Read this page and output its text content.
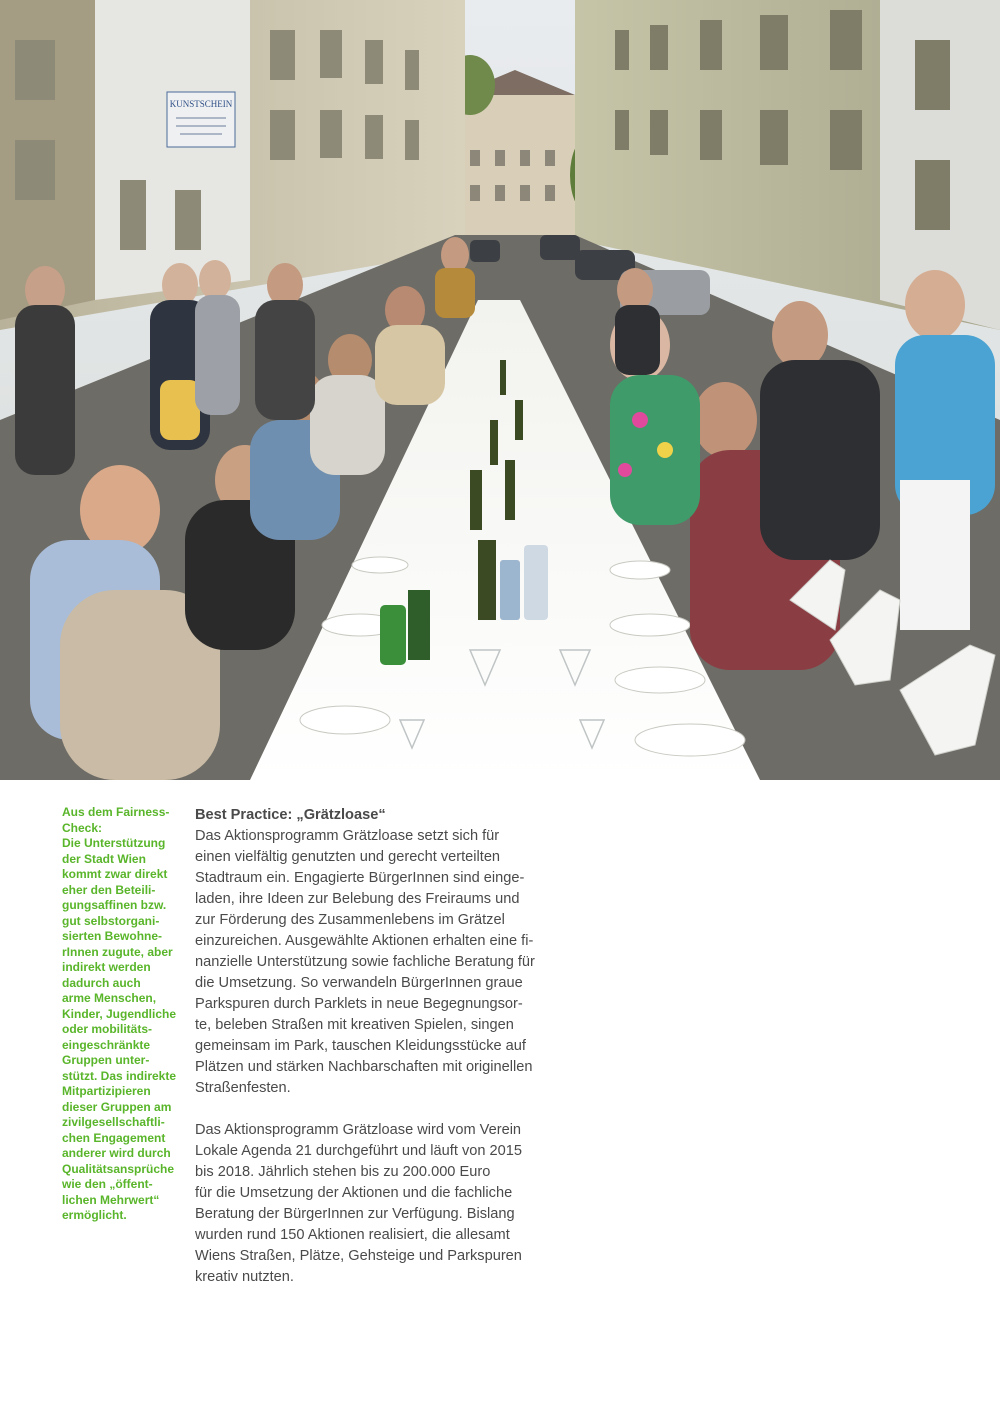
KUNSTSCHEIN
Aus dem Fairness-
Check:
Die Unterstützung
der Stadt Wien
kommt zwar direkt
eher den Beteili-
gungsaffinen bzw.
gut selbstorgani-
sierten Bewohne-
rInnen zugute, aber
indirekt werden
dadurch auch
arme Menschen,
Kinder, Jugendliche
oder mobilitäts-
eingeschränkte
Gruppen unter-
stützt. Das indirekte
Mitpartizipieren
dieser Gruppen am
zivilgesellschaftli-
chen Engagement
anderer wird durch
Qualitätsansprüche
wie den „öffent-
lichen Mehrwert“
ermöglicht.
Best Practice: „Grätzloase“
Das Aktionsprogramm Grätzloase setzt sich für
einen vielfältig genutzten und gerecht verteilten
Stadtraum ein. Engagierte BürgerInnen sind einge-
laden, ihre Ideen zur Belebung des Freiraums und
zur Förderung des Zusammenlebens im Grätzel
einzureichen. Ausgewählte Aktionen erhalten eine fi-
nanzielle Unterstützung sowie fachliche Beratung für
die Umsetzung. So verwandeln BürgerInnen graue
Parkspuren durch Parklets in neue Begegnungsor-
te, beleben Straßen mit kreativen Spielen, singen
gemeinsam im Park, tauschen Kleidungsstücke auf
Plätzen und stärken Nachbarschaften mit originellen
Straßenfesten.
Das Aktionsprogramm Grätzloase wird vom Verein
Lokale Agenda 21 durchgeführt und läuft von 2015
bis 2018. Jährlich stehen bis zu 200.000 Euro
für die Umsetzung der Aktionen und die fachliche
Beratung der BürgerInnen zur Verfügung. Bislang
wurden rund 150 Aktionen realisiert, die allesamt
Wiens Straßen, Plätze, Gehsteige und Parkspuren
kreativ nutzten.
